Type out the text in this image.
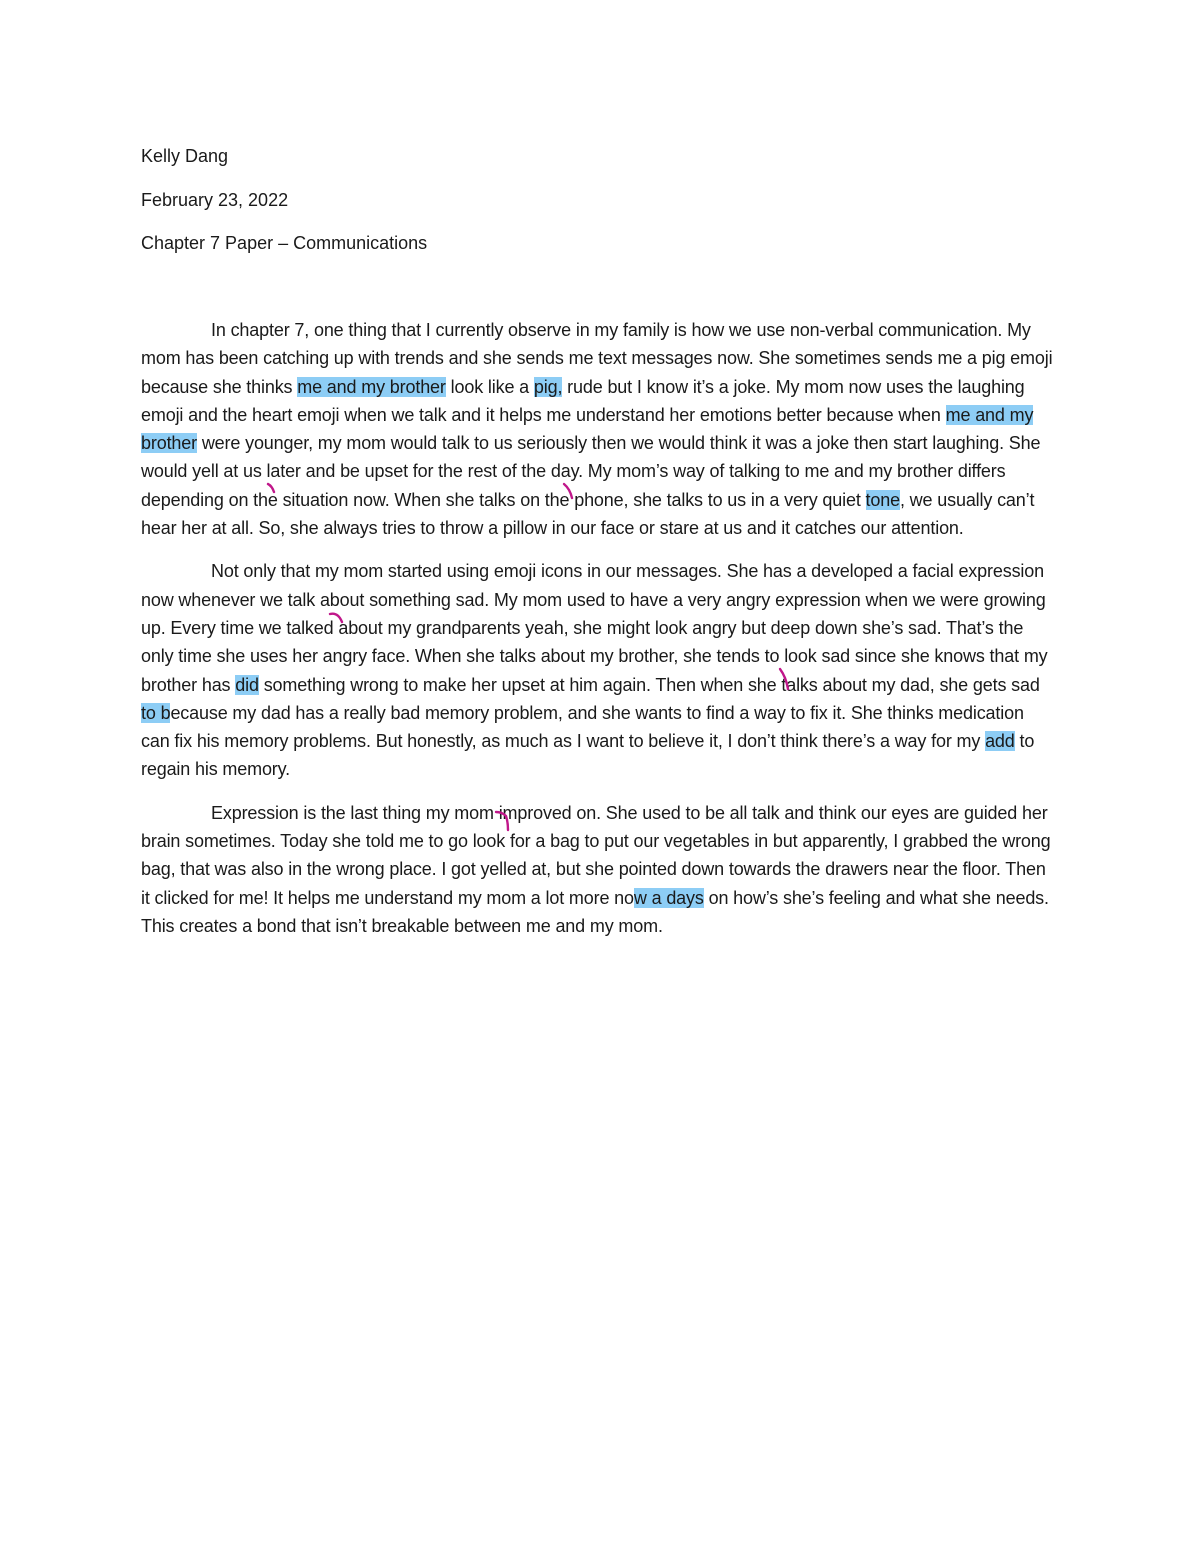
Kelly Dang
February 23, 2022
Chapter 7 Paper – Communications

In chapter 7, one thing that I currently observe in my family is how we use non-verbal communication. My mom has been catching up with trends and she sends me text messages now. She sometimes sends me a pig emoji because she thinks me and my brother look like a pig, rude but I know it’s a joke. My mom now uses the laughing emoji and the heart emoji when we talk and it helps me understand her emotions better because when me and my brother were younger, my mom would talk to us seriously then we would think it was a joke then start laughing. She would yell at us later and be upset for the rest of the day. My mom’s way of talking to me and my brother differs depending on the situation now. When she talks on the phone, she talks to us in a very quiet tone, we usually can’t hear her at all. So, she always tries to throw a pillow in our face or stare at us and it catches our attention.

Not only that my mom started using emoji icons in our messages. She has a developed a facial expression now whenever we talk about something sad. My mom used to have a very angry expression when we were growing up. Every time we talked about my grandparents yeah, she might look angry but deep down she’s sad. That’s the only time she uses her angry face. When she talks about my brother, she tends to look sad since she knows that my brother has did something wrong to make her upset at him again. Then when she talks about my dad, she gets sad to because my dad has a really bad memory problem, and she wants to find a way to fix it. She thinks medication can fix his memory problems. But honestly, as much as I want to believe it, I don’t think there’s a way for my add to regain his memory.

Expression is the last thing my mom improved on. She used to be all talk and think our eyes are guided her brain sometimes. Today she told me to go look for a bag to put our vegetables in but apparently, I grabbed the wrong bag, that was also in the wrong place. I got yelled at, but she pointed down towards the drawers near the floor. Then it clicked for me! It helps me understand my mom a lot more now a days on how’s she’s feeling and what she needs. This creates a bond that isn’t breakable between me and my mom.
